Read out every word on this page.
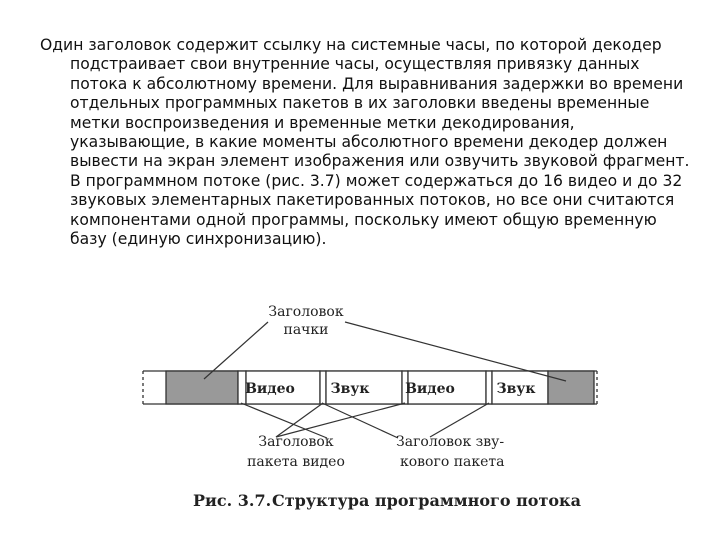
Один заголовок содержит ссылку на системные часы, по которой декодер подстраивает свои внутренние часы, осуществляя привязку данных потока к абсолютному времени. Для выравнивания задержки во времени отдельных программных пакетов в их заголовки введены временные метки воспроизведения и временные метки декодирования, указывающие, в какие моменты абсолютного времени декодер должен вывести на экран элемент изображения или озвучить звуковой фрагмент. В программном потоке (рис. 3.7) может содержаться до 16 видео и до 32 звуковых элементарных пакетированных потоков, но все они считаются компонентами одной программы, поскольку имеют общую временную базу (единую синхронизацию).

Видео	Звук	Видео	Звук
Заголовок
пачки
Заголовок
пакета видео
Заголовок зву-
кового пакета
Рис. 3.7. Структура программного потока
